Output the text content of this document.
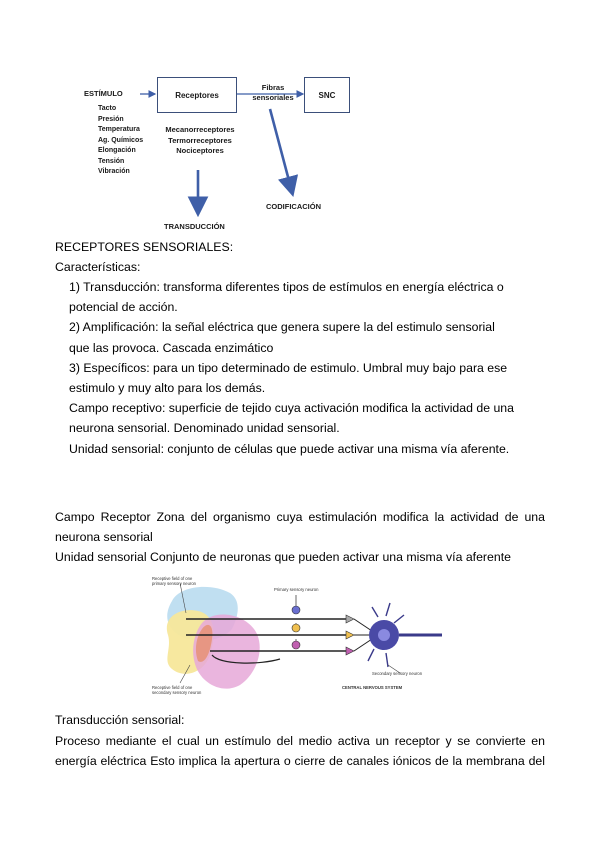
ESTÍMULO	Receptores	SNC
Fibras
sensoriales
Tacto
Presión
Temperatura
Ag. Químicos
Elongación
Tensión
Vibración
Mecanorreceptores
Termorreceptores
Nociceptores
TRANSDUCCIÓN
CODIFICACIÓN
RECEPTORES SENSORIALES:
Características:
1) Transducción: transforma diferentes tipos de estímulos en energía eléctrica o
potencial de acción.
2) Amplificación: la señal eléctrica que genera supere la del estimulo sensorial
que las provoca. Cascada enzimático
3) Específicos: para un tipo determinado de estimulo. Umbral muy bajo para ese
estimulo y muy alto para los demás.
Campo receptivo: superficie de tejido cuya activación modifica la actividad de una
neurona sensorial. Denominado unidad sensorial.
Unidad sensorial: conjunto de células que puede activar una misma vía aferente.
Campo Receptor Zona del organismo cuya estimulación modifica la actividad de una
neurona sensorial
Unidad sensorial Conjunto de neuronas que pueden activar una misma vía aferente
Receptive field of one
primary sensory neuron
Primary sensory neuron
Receptive field of one
secondary sensory neuron
Secondary sensory neuron
CENTRAL NERVOUS SYSTEM
Transducción sensorial:
Proceso mediante el cual un estímulo del medio activa un receptor y se convierte en
energía eléctrica Esto implica la apertura o cierre de canales iónicos de la membrana del
